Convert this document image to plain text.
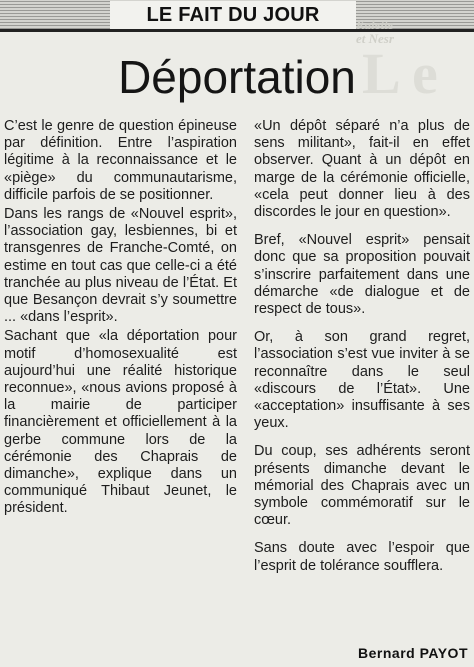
LE FAIT DU JOUR	Kalette
et Nesr
L e
Déportation

C’est le genre de question épineuse par définition. Entre l’aspiration légitime à la reconnaissance et le «piège» du communautarisme, difficile parfois de se positionner.

Dans les rangs de «Nouvel esprit», l’association gay, lesbiennes, bi et transgenres de Franche-Comté, on estime en tout cas que celle-ci a été tranchée au plus niveau de l’État. Et que Besançon devrait s’y soumettre ... «dans l’esprit».

Sachant que «la déportation pour motif d’homosexualité est aujourd’hui une réalité historique reconnue», «nous avions proposé à la mairie de participer financièrement et officiellement à la gerbe commune lors de la cérémonie des Chaprais de dimanche», explique dans un communiqué Thibaut Jeunet, le président.

«Un dépôt séparé n’a plus de sens militant», fait-il en effet observer. Quant à un dépôt en marge de la cérémonie officielle, «cela peut donner lieu à des discordes le jour en question».

Bref, «Nouvel esprit» pensait donc que sa proposition pouvait s’inscrire parfaitement dans une démarche «de dialogue et de respect de tous».

Or, à son grand regret, l’association s’est vue inviter à se reconnaître dans le seul «discours de l’État». Une «acceptation» insuffisante à ses yeux.

Du coup, ses adhérents seront présents dimanche devant le mémorial des Chaprais avec un symbole commémoratif sur le cœur.

Sans doute avec l’espoir que l’esprit de tolérance soufflera.

Bernard PAYOT
